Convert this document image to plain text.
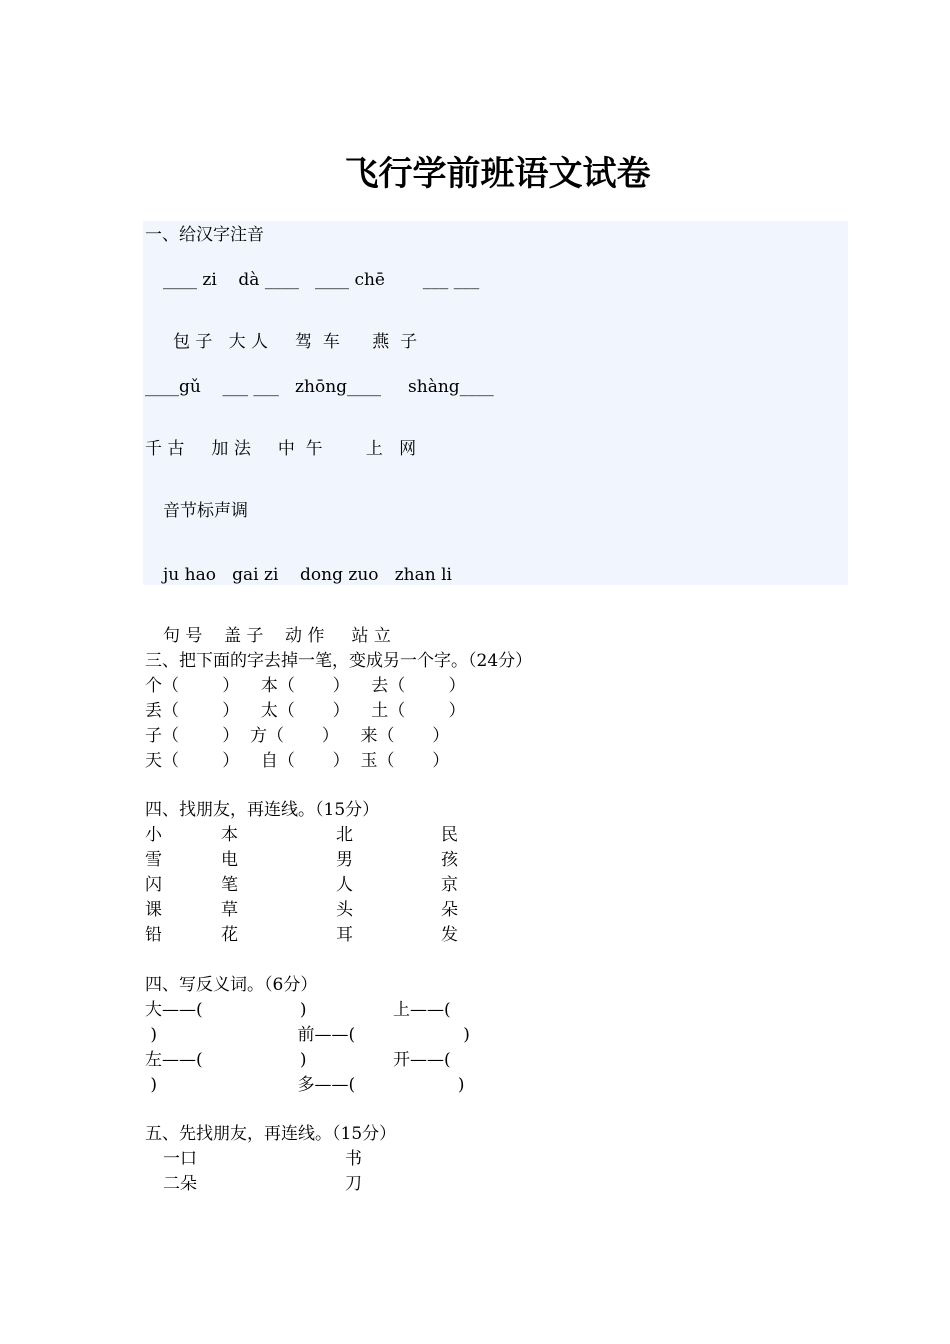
飞行学前班语文试卷
一、给汉字注音
____ zi    dà ____   ____ chē       ___ ___
包 子   大 人     驾  车      燕  子
____gǔ    ___ ___   zhōng____     shàng____
千 古     加 法     中  午        上   网
音节标声调
ju hao   gai zi    dong zuo   zhan li
句 号    盖 子    动 作     站 立
三、把下面的字去掉一笔，变成另一个字。（24分）
个（        ）    本（       ）    去（        ）
丢（        ）    太（       ）    土（        ）
子（        ）  方（       ）    来（       ）
天（        ）    自（       ）  玉（       ）
四、找朋友，再连线。（15分）
小	本	北	民
雪	电	男	孩
闪	笔	人	京
课	草	头	朵
铅	花	耳	发
四、写反义词。（6分）
大——(                  )                上——(
)                          前——(                    )
左——(                  )                开——(
)                          多——(                   )
五、先找朋友，再连线。（15分）
一口	书
二朵	刀
